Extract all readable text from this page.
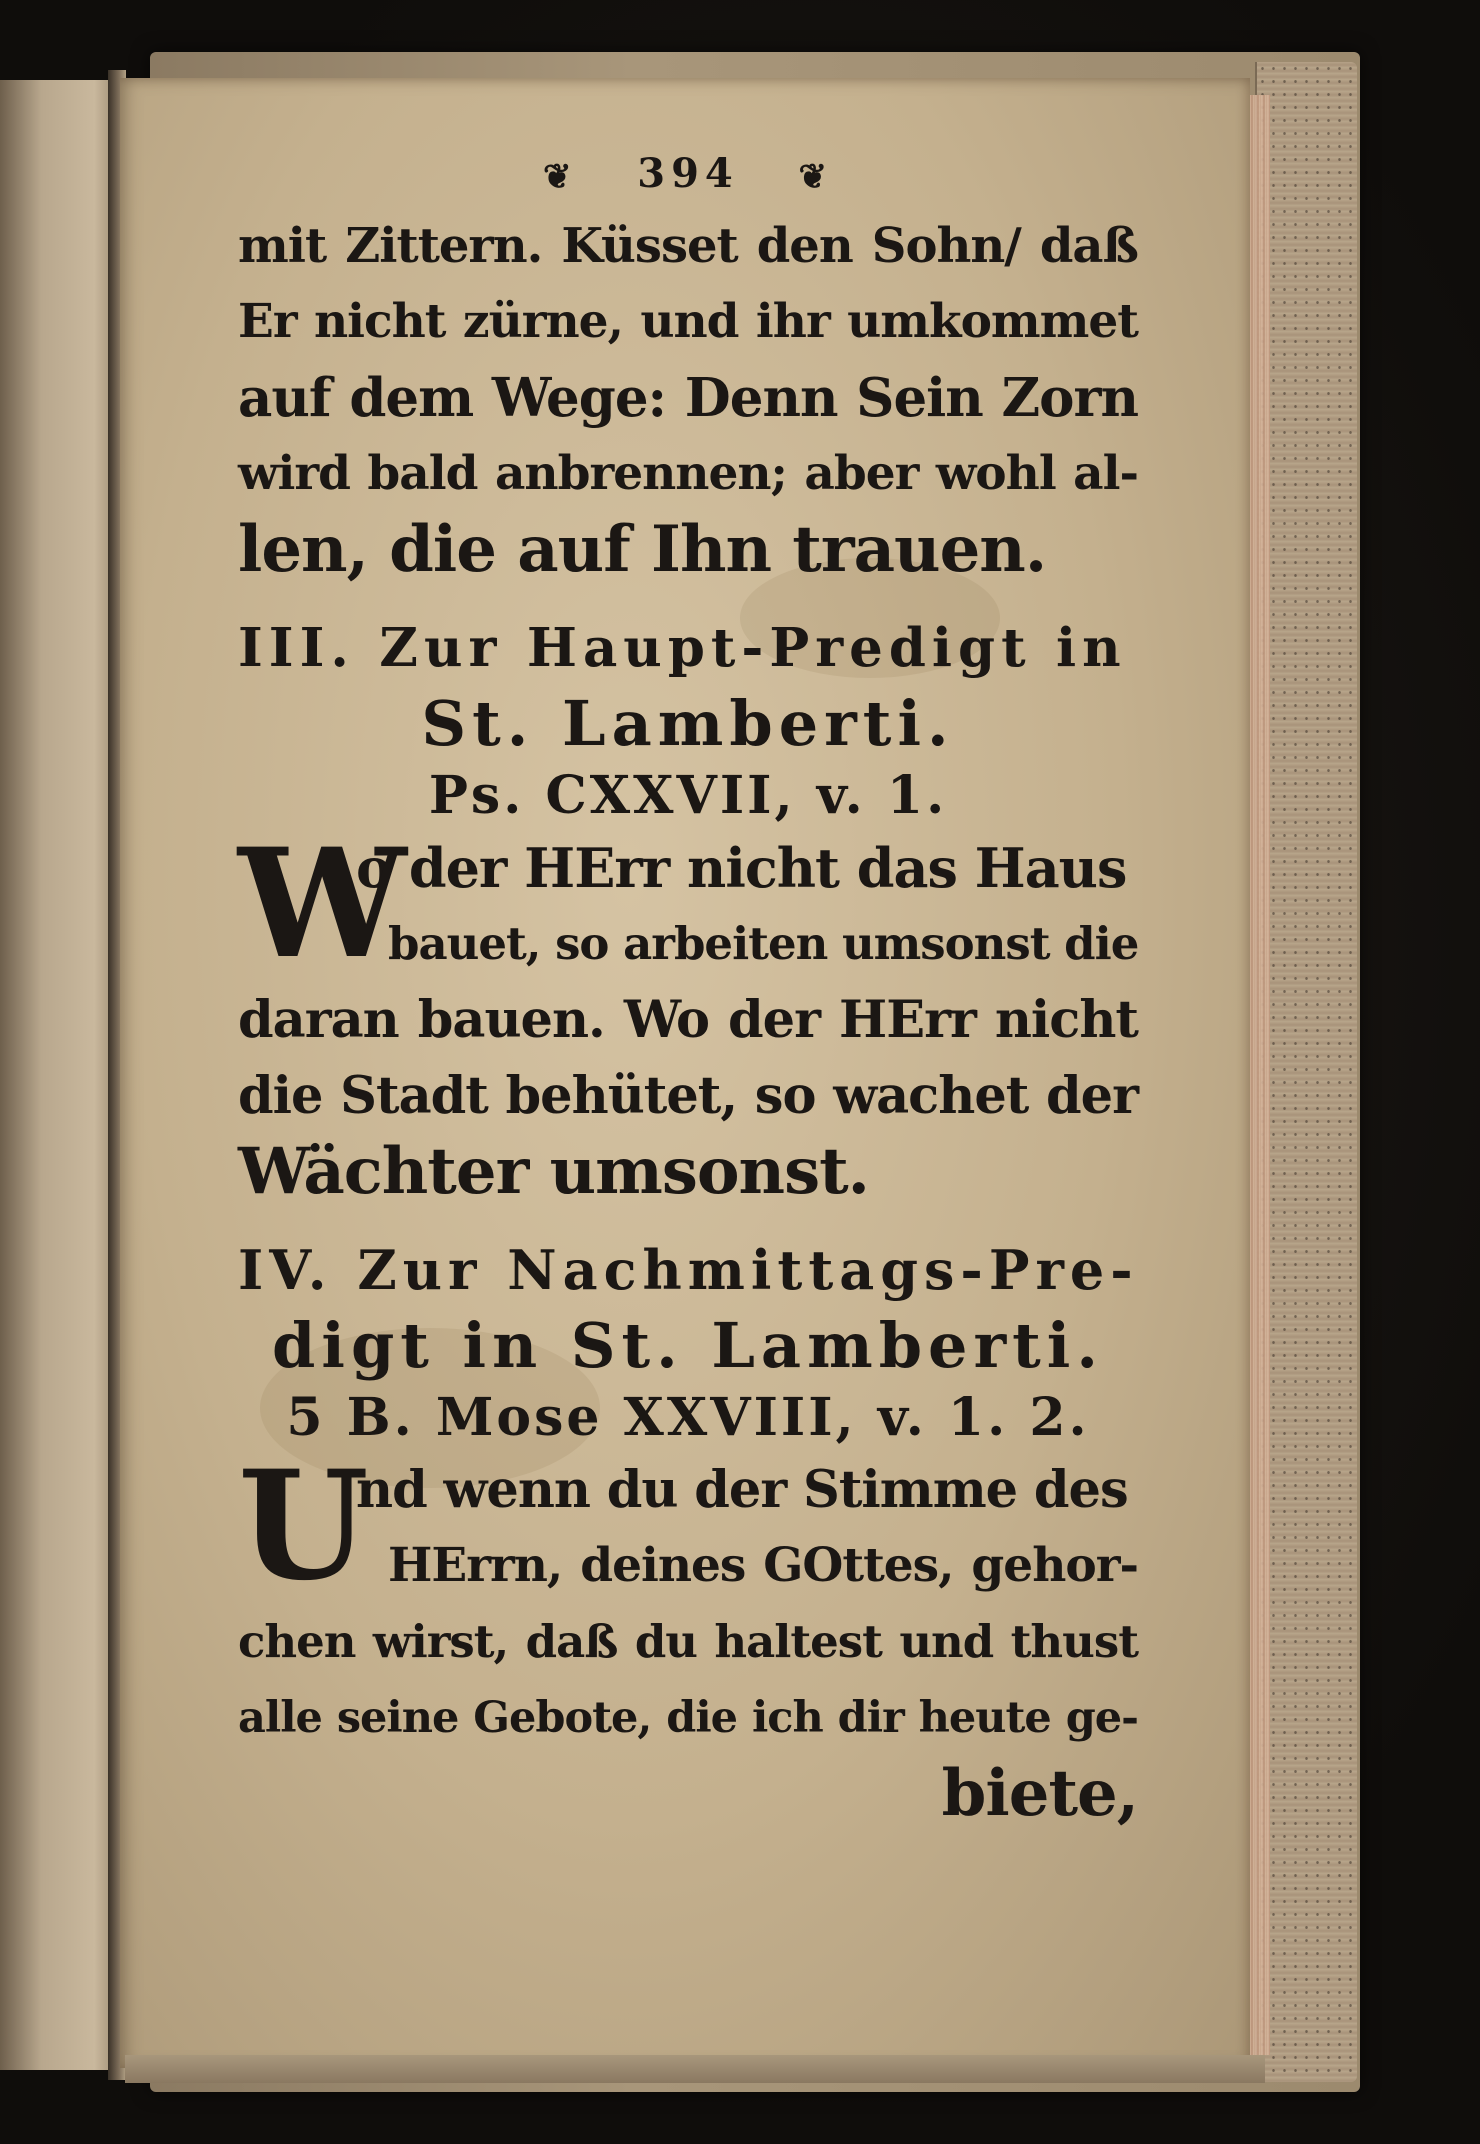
❦ 394 ❦
mit Zittern. Küsset den Sohn/ daß
Er nicht zürne, und ihr umkommet
auf dem Wege: Denn Sein Zorn
wird bald anbrennen; aber wohl al-
len, die auf Ihn trauen.
III. Zur Haupt-Predigt in
St. Lamberti.
Ps. CXXVII, v. 1.
W
o der HErr nicht das Haus
bauet, so arbeiten umsonst die
daran bauen. Wo der HErr nicht
die Stadt behütet, so wachet der
Wächter umsonst.
IV. Zur Nachmittags-Pre-
digt in St. Lamberti.
5 B. Mose XXVIII, v. 1. 2.
U
nd wenn du der Stimme des
HErrn, deines GOttes, gehor-
chen wirst, daß du haltest und thust
alle seine Gebote, die ich dir heute ge-
biete,
